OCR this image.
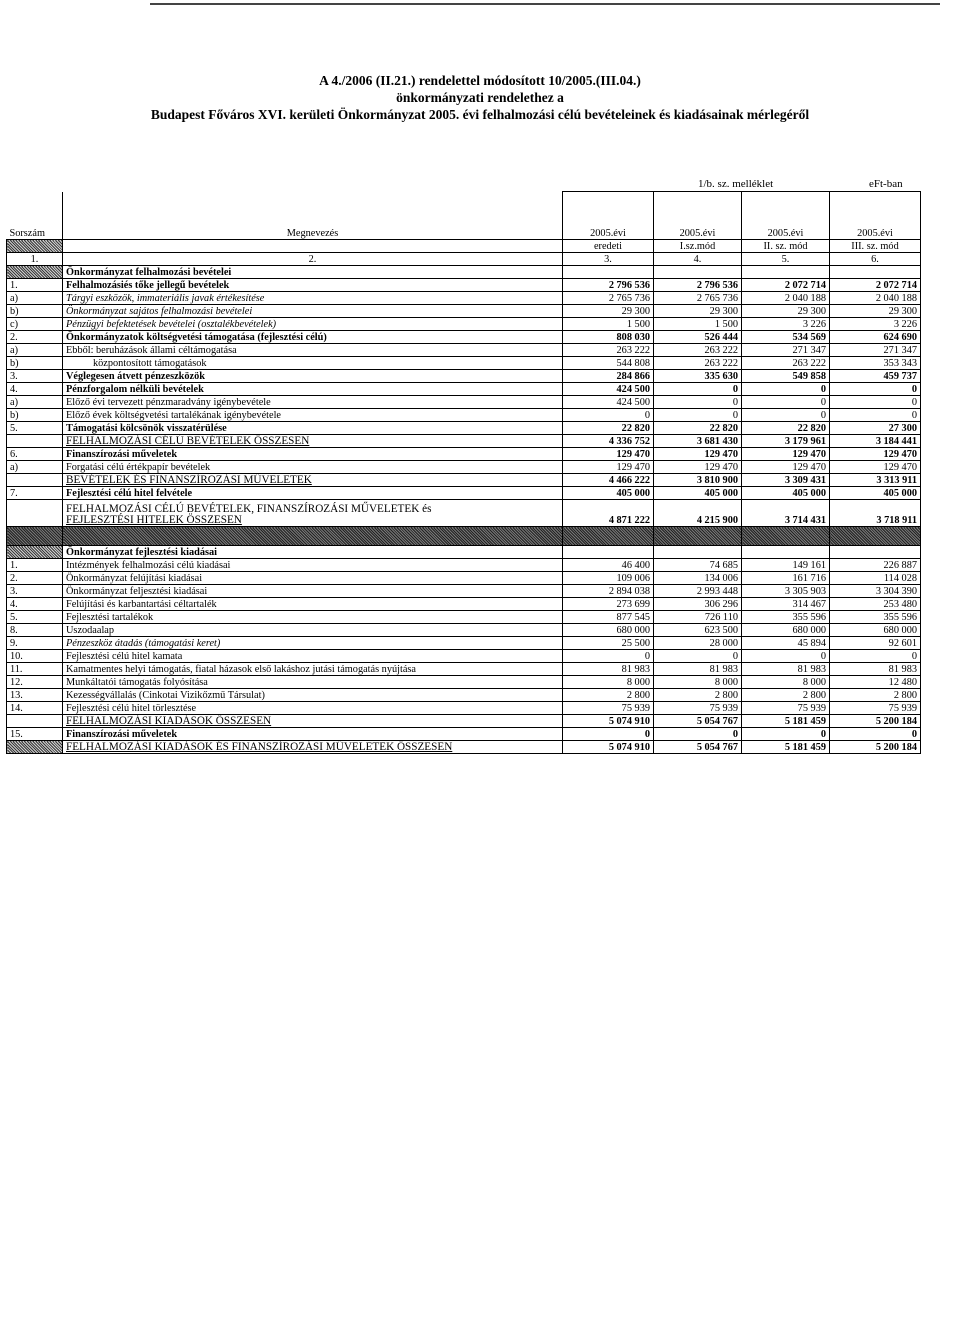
A 4./2006 (II.21.) rendelettel módosított 10/2005.(III.04.)
önkormányzati rendelethez a
Budapest Főváros XVI. kerületi Önkormányzat 2005. évi felhalmozási célú bevételeinek és kiadásainak mérlegéről
1/b. sz. melléklet	eFt-ban
Sorszám	Megnevezés	2005.évi	2005.évi	2005.évi	2005.évi
		eredeti	I.sz.mód	II. sz. mód	III. sz. mód
1.	2.	3.	4.	5.	6.
	Önkormányzat felhalmozási bevételei				
1.	Felhalmozásiés tőke jellegű bevételek	2 796 536	2 796 536	2 072 714	2 072 714
a)	Tárgyi eszközök, immateriális javak értékesítése	2 765 736	2 765 736	2 040 188	2 040 188
b)	Önkormányzat sajátos felhalmozási bevételei	29 300	29 300	29 300	29 300
c)	Pénzügyi befektetések bevételei (osztalékbevételek)	1 500	1 500	3 226	3 226
2.	Önkormányzatok költségvetési támogatása (fejlesztési célú)	808 030	526 444	534 569	624 690
a)	Ebből: beruházások állami céltámogatása	263 222	263 222	271 347	271 347
b)	központosított támogatások	544 808	263 222	263 222	353 343
3.	Véglegesen átvett pénzeszközök	284 866	335 630	549 858	459 737
4.	Pénzforgalom nélküli bevételek	424 500	0	0	0
a)	Előző évi tervezett pénzmaradvány igénybevétele	424 500	0	0	0
b)	Előző évek költségvetési tartalékának igénybevétele	0	0	0	0
5.	Támogatási kölcsönök visszatérülése	22 820	22 820	22 820	27 300
	FELHALMOZÁSI CÉLÚ BEVÉTELEK ÖSSZESEN	4 336 752	3 681 430	3 179 961	3 184 441
6.	Finanszírozási műveletek	129 470	129 470	129 470	129 470
a)	Forgatási célú értékpapír bevételek	129 470	129 470	129 470	129 470
	BEVÉTELEK ÉS FINANSZÍROZÁSI MŰVELETEK	4 466 222	3 810 900	3 309 431	3 313 911
7.	Fejlesztési célú hitel felvétele	405 000	405 000	405 000	405 000

	FELHALMOZÁSI CÉLÚ BEVÉTELEK, FINANSZÍROZÁSI MŰVELETEK és
FEJLESZTÉSI HITELEK ÖSSZESEN	4 871 222	4 215 900	3 714 431	3 718 911

	Önkormányzat fejlesztési kiadásai				
1.	Intézmények felhalmozási célú kiadásai	46 400	74 685	149 161	226 887
2.	Önkormányzat felújítási kiadásai	109 006	134 006	161 716	114 028
3.	Önkormányzat feljesztési kiadásai	2 894 038	2 993 448	3 305 903	3 304 390
4.	Felújítási és karbantartási céltartalék	273 699	306 296	314 467	253 480
5.	Fejlesztési tartalékok	877 545	726 110	355 596	355 596
8.	Uszodaalap	680 000	623 500	680 000	680 000
9.	Pénzeszköz átadás (támogatási keret)	25 500	28 000	45 894	92 601
10.	Fejlesztési célú hitel kamata	0	0	0	0
11.	Kamatmentes helyi támogatás, fiatal házasok első lakáshoz jutási támogatás nyújtása	81 983	81 983	81 983	81 983
12.	Munkáltatói támogatás folyósítása	8 000	8 000	8 000	12 480
13.	Kezességvállalás (Cinkotai Vizikőzmű Társulat)	2 800	2 800	2 800	2 800
14.	Fejlesztési célú hitel törlesztése	75 939	75 939	75 939	75 939
	FELHALMOZÁSI KIADÁSOK ÖSSZESEN	5 074 910	5 054 767	5 181 459	5 200 184
15.	Finanszírozási műveletek	0	0	0	0
	FELHALMOZÁSI KIADÁSOK ÉS FINANSZÍROZÁSI MŰVELETEK ÖSSZESEN	5 074 910	5 054 767	5 181 459	5 200 184
